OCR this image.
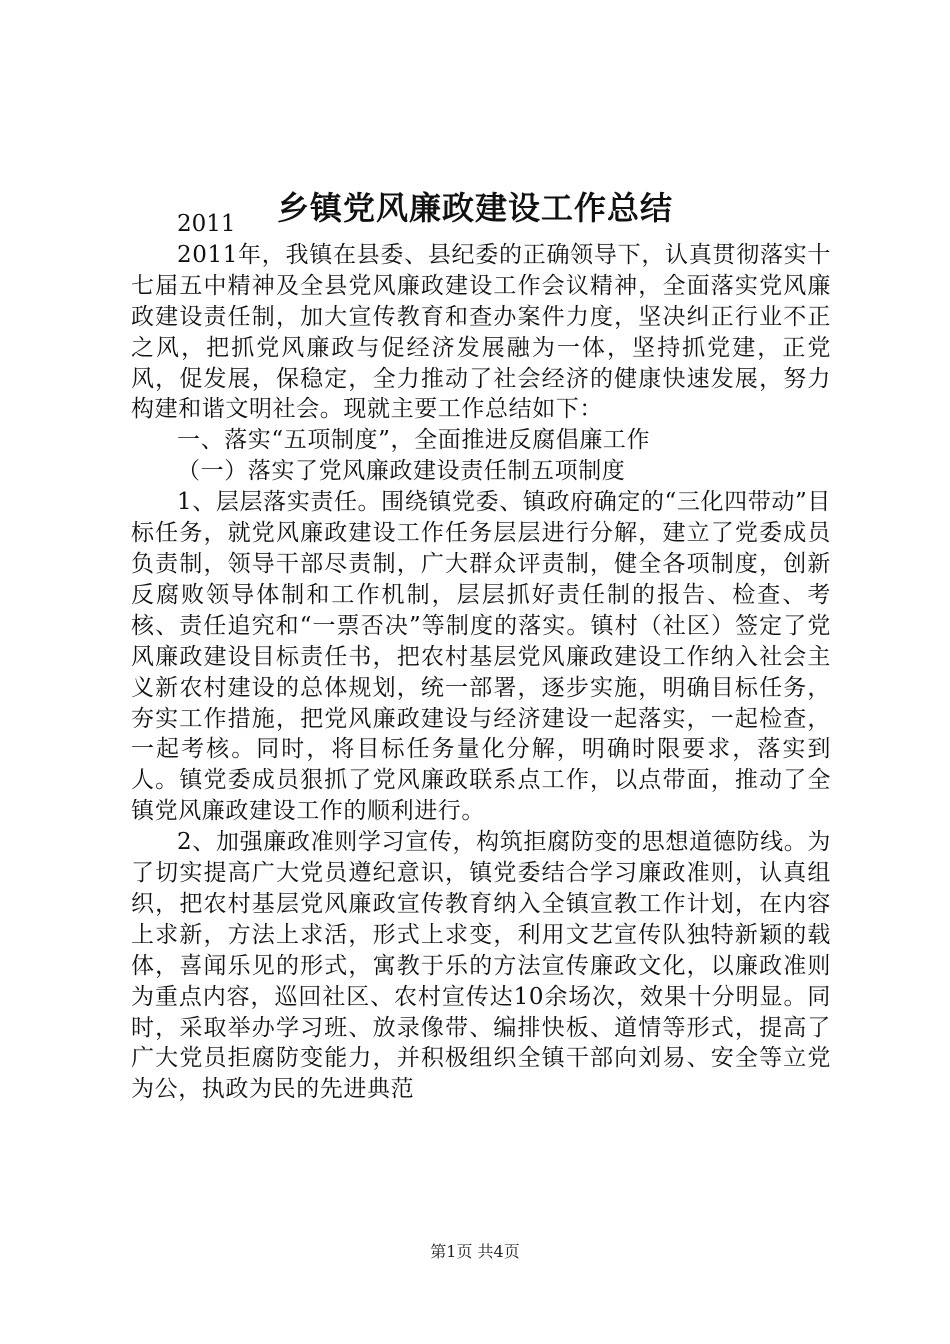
乡镇党风廉政建设工作总结

2011

2011年，我镇在县委、县纪委的正确领导下，认真贯彻落实十七届五中精神及全县党风廉政建设工作会议精神，全面落实党风廉政建设责任制，加大宣传教育和查办案件力度，坚决纠正行业不正之风，把抓党风廉政与促经济发展融为一体，坚持抓党建，正党风，促发展，保稳定，全力推动了社会经济的健康快速发展，努力构建和谐文明社会。现就主要工作总结如下：

一、落实“五项制度”，全面推进反腐倡廉工作

（一）落实了党风廉政建设责任制五项制度

1、层层落实责任。围绕镇党委、镇政府确定的“三化四带动”目标任务，就党风廉政建设工作任务层层进行分解，建立了党委成员负责制，领导干部尽责制，广大群众评责制，健全各项制度，创新反腐败领导体制和工作机制，层层抓好责任制的报告、检查、考核、责任追究和“一票否决”等制度的落实。镇村（社区）签定了党风廉政建设目标责任书，把农村基层党风廉政建设工作纳入社会主义新农村建设的总体规划，统一部署，逐步实施，明确目标任务，夯实工作措施，把党风廉政建设与经济建设一起落实，一起检查，一起考核。同时，将目标任务量化分解，明确时限要求，落实到人。镇党委成员狠抓了党风廉政联系点工作，以点带面，推动了全镇党风廉政建设工作的顺利进行。

2、加强廉政准则学习宣传，构筑拒腐防变的思想道德防线。为了切实提高广大党员遵纪意识，镇党委结合学习廉政准则，认真组织，把农村基层党风廉政宣传教育纳入全镇宣教工作计划，在内容上求新，方法上求活，形式上求变，利用文艺宣传队独特新颖的载体，喜闻乐见的形式，寓教于乐的方法宣传廉政文化，以廉政准则为重点内容，巡回社区、农村宣传达10余场次，效果十分明显。同时，采取举办学习班、放录像带、编排快板、道情等形式，提高了广大党员拒腐防变能力，并积极组织全镇干部向刘易、安全等立党为公，执政为民的先进典范

第1页 共4页
